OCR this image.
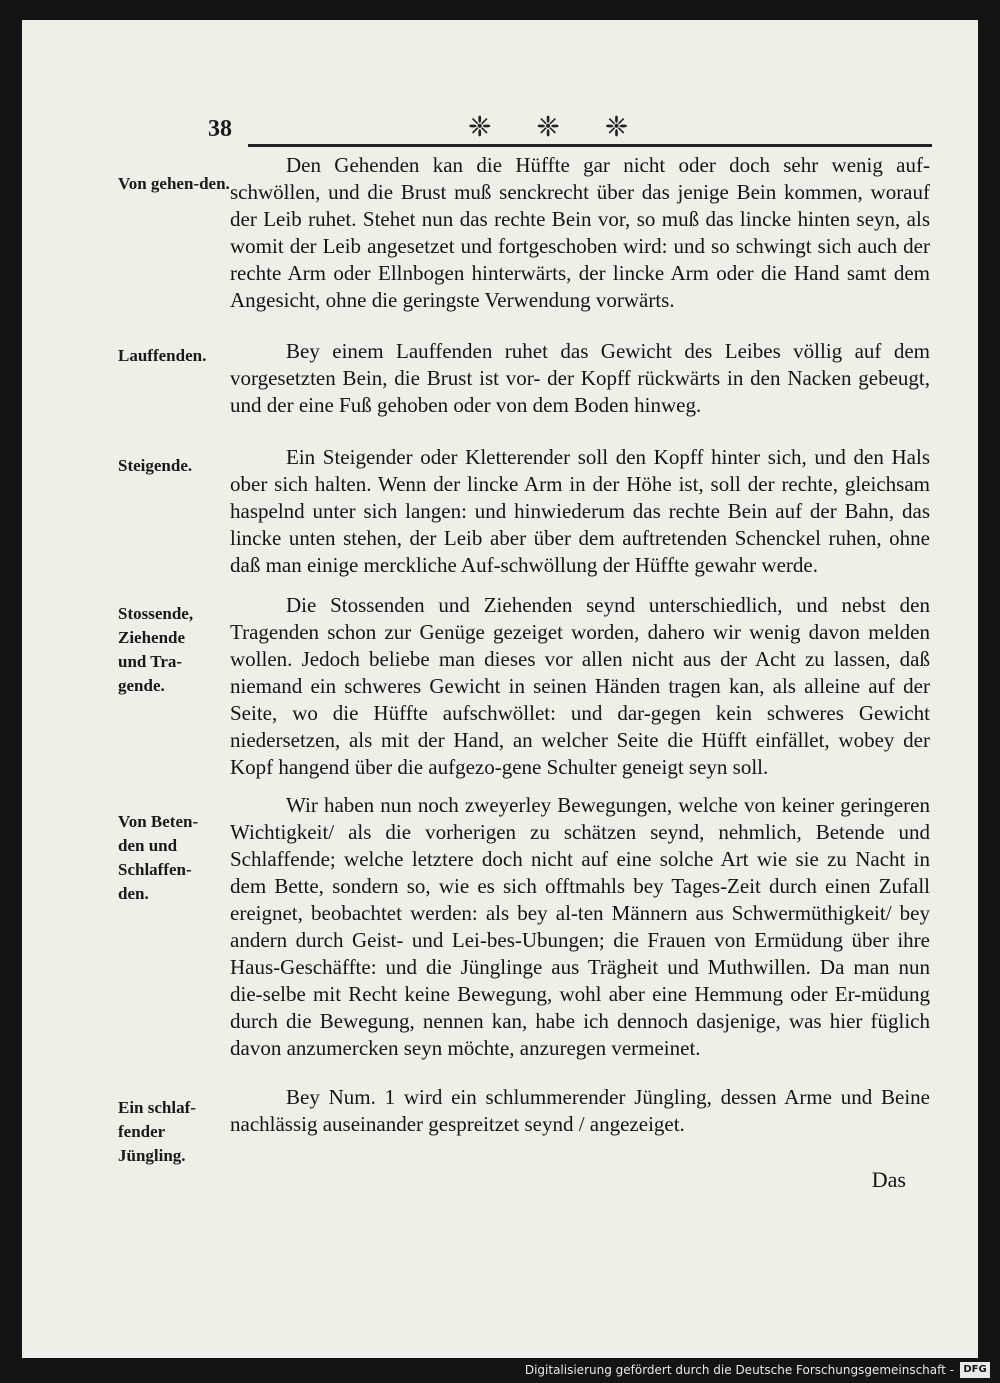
38	❈ ❈ ❈
Von gehen-den.
Lauffenden.
Steigende.
Stossende, Ziehende und Tra-gende.
Von Beten-den und Schlaffen-den.
Ein schlaf-fender Jüngling.

Den Gehenden kan die Hüffte gar nicht oder doch sehr wenig auf-schwöllen, und die Brust muß senckrecht über das jenige Bein kommen, worauf der Leib ruhet. Stehet nun das rechte Bein vor, so muß das lincke hinten seyn, als womit der Leib angesetzet und fortgeschoben wird: und so schwingt sich auch der rechte Arm oder Ellnbogen hinterwärts, der lincke Arm oder die Hand samt dem Angesicht, ohne die geringste Verwendung vorwärts.

Bey einem Lauffenden ruhet das Gewicht des Leibes völlig auf dem vorgesetzten Bein, die Brust ist vor- der Kopff rückwärts in den Nacken gebeugt, und der eine Fuß gehoben oder von dem Boden hinweg.

Ein Steigender oder Kletterender soll den Kopff hinter sich, und den Hals ober sich halten. Wenn der lincke Arm in der Höhe ist, soll der rechte, gleichsam haspelnd unter sich langen: und hinwiederum das rechte Bein auf der Bahn, das lincke unten stehen, der Leib aber über dem auftretenden Schenckel ruhen, ohne daß man einige merckliche Auf-schwöllung der Hüffte gewahr werde.

Die Stossenden und Ziehenden seynd unterschiedlich, und nebst den Tragenden schon zur Genüge gezeiget worden, dahero wir wenig davon melden wollen. Jedoch beliebe man dieses vor allen nicht aus der Acht zu lassen, daß niemand ein schweres Gewicht in seinen Händen tragen kan, als alleine auf der Seite, wo die Hüffte aufschwöllet: und dar-gegen kein schweres Gewicht niedersetzen, als mit der Hand, an welcher Seite die Hüfft einfället, wobey der Kopf hangend über die aufgezo-gene Schulter geneigt seyn soll.

Wir haben nun noch zweyerley Bewegungen, welche von keiner geringeren Wichtigkeit/ als die vorherigen zu schätzen seynd, nehmlich, Betende und Schlaffende; welche letztere doch nicht auf eine solche Art wie sie zu Nacht in dem Bette, sondern so, wie es sich offtmahls bey Tages-Zeit durch einen Zufall ereignet, beobachtet werden: als bey al-ten Männern aus Schwermüthigkeit/ bey andern durch Geist- und Lei-bes-Ubungen; die Frauen von Ermüdung über ihre Haus-Geschäffte: und die Jünglinge aus Trägheit und Muthwillen. Da man nun die-selbe mit Recht keine Bewegung, wohl aber eine Hemmung oder Er-müdung durch die Bewegung, nennen kan, habe ich dennoch dasjenige, was hier füglich davon anzumercken seyn möchte, anzuregen vermeinet.

Bey Num. 1 wird ein schlummerender Jüngling, dessen Arme und Beine nachlässig auseinander gespreitzet seynd / angezeiget.

Das
Digitalisierung gefördert durch die Deutsche Forschungsgemeinschaft - DFG
